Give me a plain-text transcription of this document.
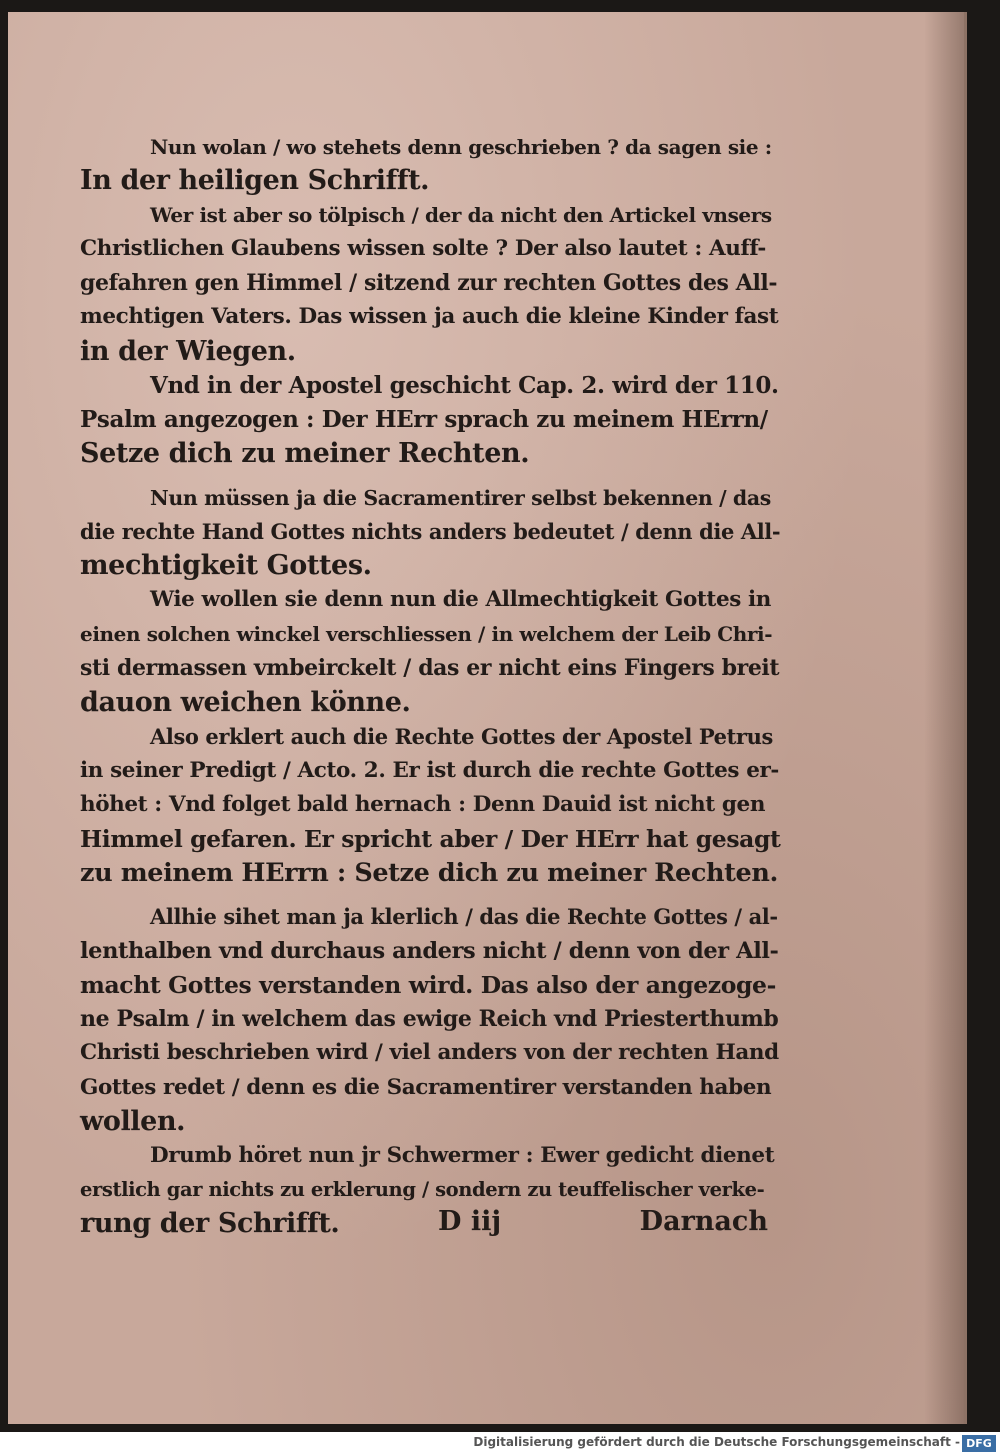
Nun wolan / wo stehets denn geschrieben ? da sagen sie :
In der heiligen Schrifft.
Wer ist aber so tölpisch / der da nicht den Artickel vnsers
Christlichen Glaubens wissen solte ? Der also lautet : Auff-
gefahren gen Himmel / sitzend zur rechten Gottes des All-
mechtigen Vaters. Das wissen ja auch die kleine Kinder fast
in der Wiegen.
Vnd in der Apostel geschicht Cap. 2. wird der 110.
Psalm angezogen : Der HErr sprach zu meinem HErrn/
Setze dich zu meiner Rechten.
Nun müssen ja die Sacramentirer selbst bekennen / das
die rechte Hand Gottes nichts anders bedeutet / denn die All-
mechtigkeit Gottes.
Wie wollen sie denn nun die Allmechtigkeit Gottes in
einen solchen winckel verschliessen / in welchem der Leib Chri-
sti dermassen vmbeirckelt / das er nicht eins Fingers breit
dauon weichen könne.
Also erklert auch die Rechte Gottes der Apostel Petrus
in seiner Predigt / Acto. 2. Er ist durch die rechte Gottes er-
höhet : Vnd folget bald hernach : Denn Dauid ist nicht gen
Himmel gefaren. Er spricht aber / Der HErr hat gesagt
zu meinem HErrn : Setze dich zu meiner Rechten.
Allhie sihet man ja klerlich / das die Rechte Gottes / al-
lenthalben vnd durchaus anders nicht / denn von der All-
macht Gottes verstanden wird. Das also der angezoge-
ne Psalm / in welchem das ewige Reich vnd Priesterthumb
Christi beschrieben wird / viel anders von der rechten Hand
Gottes redet / denn es die Sacramentirer verstanden haben
wollen.
Drumb höret nun jr Schwermer : Ewer gedicht dienet
erstlich gar nichts zu erklerung / sondern zu teuffelischer verke-
rung der Schrifft.	D iij	Darnach
Digitalisierung gefördert durch die Deutsche Forschungsgemeinschaft - DFG
